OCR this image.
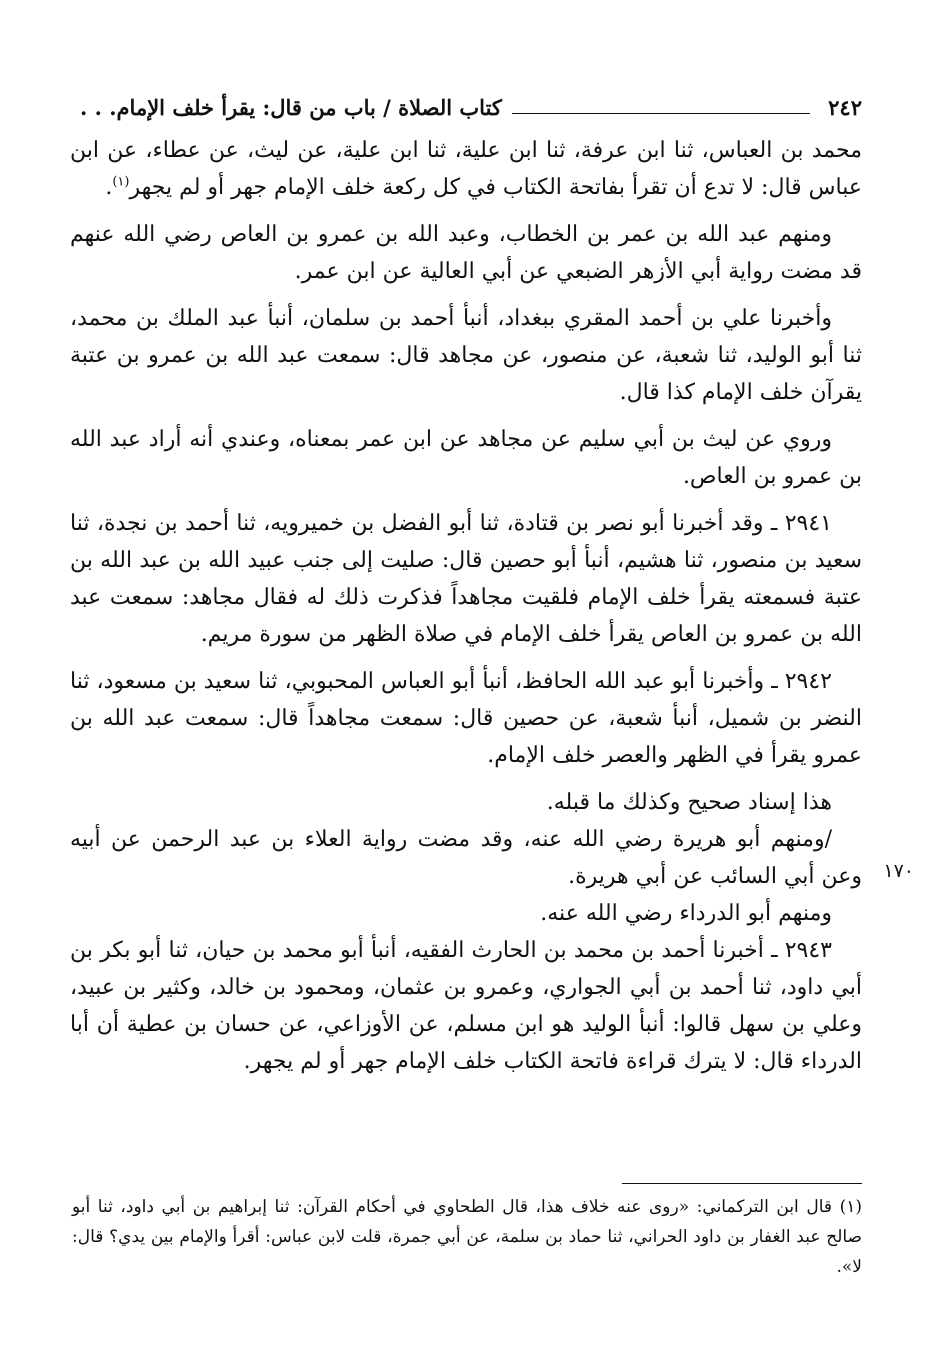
٢٤٢
كتاب الصلاة / باب من قال: يقرأ خلف الإمام. . .

محمد بن العباس، ثنا ابن عرفة، ثنا ابن علية، ثنا ابن علية، عن ليث، عن عطاء، عن ابن عباس قال: لا تدع أن تقرأ بفاتحة الكتاب في كل ركعة خلف الإمام جهر أو لم يجهر$^{(١)}$.

ومنهم عبد الله بن عمر بن الخطاب، وعبد الله بن عمرو بن العاص رضي الله عنهم قد مضت رواية أبي الأزهر الضبعي عن أبي العالية عن ابن عمر.

وأخبرنا علي بن أحمد المقري ببغداد، أنبأ أحمد بن سلمان، أنبأ عبد الملك بن محمد، ثنا أبو الوليد، ثنا شعبة، عن منصور، عن مجاهد قال: سمعت عبد الله بن عمرو بن عتبة يقرآن خلف الإمام كذا قال.

وروي عن ليث بن أبي سليم عن مجاهد عن ابن عمر بمعناه، وعندي أنه أراد عبد الله بن عمرو بن العاص.

٢٩٤١ ـ وقد أخبرنا أبو نصر بن قتادة، ثنا أبو الفضل بن خميرويه، ثنا أحمد بن نجدة، ثنا سعيد بن منصور، ثنا هشيم، أنبأ أبو حصين قال: صليت إلى جنب عبيد الله بن عبد الله بن عتبة فسمعته يقرأ خلف الإمام فلقيت مجاهداً فذكرت ذلك له فقال مجاهد: سمعت عبد الله بن عمرو بن العاص يقرأ خلف الإمام في صلاة الظهر من سورة مريم.

٢٩٤٢ ـ وأخبرنا أبو عبد الله الحافظ، أنبأ أبو العباس المحبوبي، ثنا سعيد بن مسعود، ثنا النضر بن شميل، أنبأ شعبة، عن حصين قال: سمعت مجاهداً قال: سمعت عبد الله بن عمرو يقرأ في الظهر والعصر خلف الإمام.

هذا إسناد صحيح وكذلك ما قبله.

/ومنهم أبو هريرة رضي الله عنه، وقد مضت رواية العلاء بن عبد الرحمن عن أبيه وعن أبي السائب عن أبي هريرة.

ومنهم أبو الدرداء رضي الله عنه.

٢٩٤٣ ـ أخبرنا أحمد بن محمد بن الحارث الفقيه، أنبأ أبو محمد بن حيان، ثنا أبو بكر بن أبي داود، ثنا أحمد بن أبي الجواري، وعمرو بن عثمان، ومحمود بن خالد، وكثير بن عبيد، وعلي بن سهل قالوا: أنبأ الوليد هو ابن مسلم، عن الأوزاعي، عن حسان بن عطية أن أبا الدرداء قال: لا يترك قراءة فاتحة الكتاب خلف الإمام جهر أو لم يجهر.

١٧٠

(١) قال ابن التركماني: «روى عنه خلاف هذا، قال الطحاوي في أحكام القرآن: ثنا إبراهيم بن أبي داود، ثنا أبو صالح عبد الغفار بن داود الحراني، ثنا حماد بن سلمة، عن أبي جمرة، قلت لابن عباس: أقرأ والإمام بين يدي؟ قال: لا».
